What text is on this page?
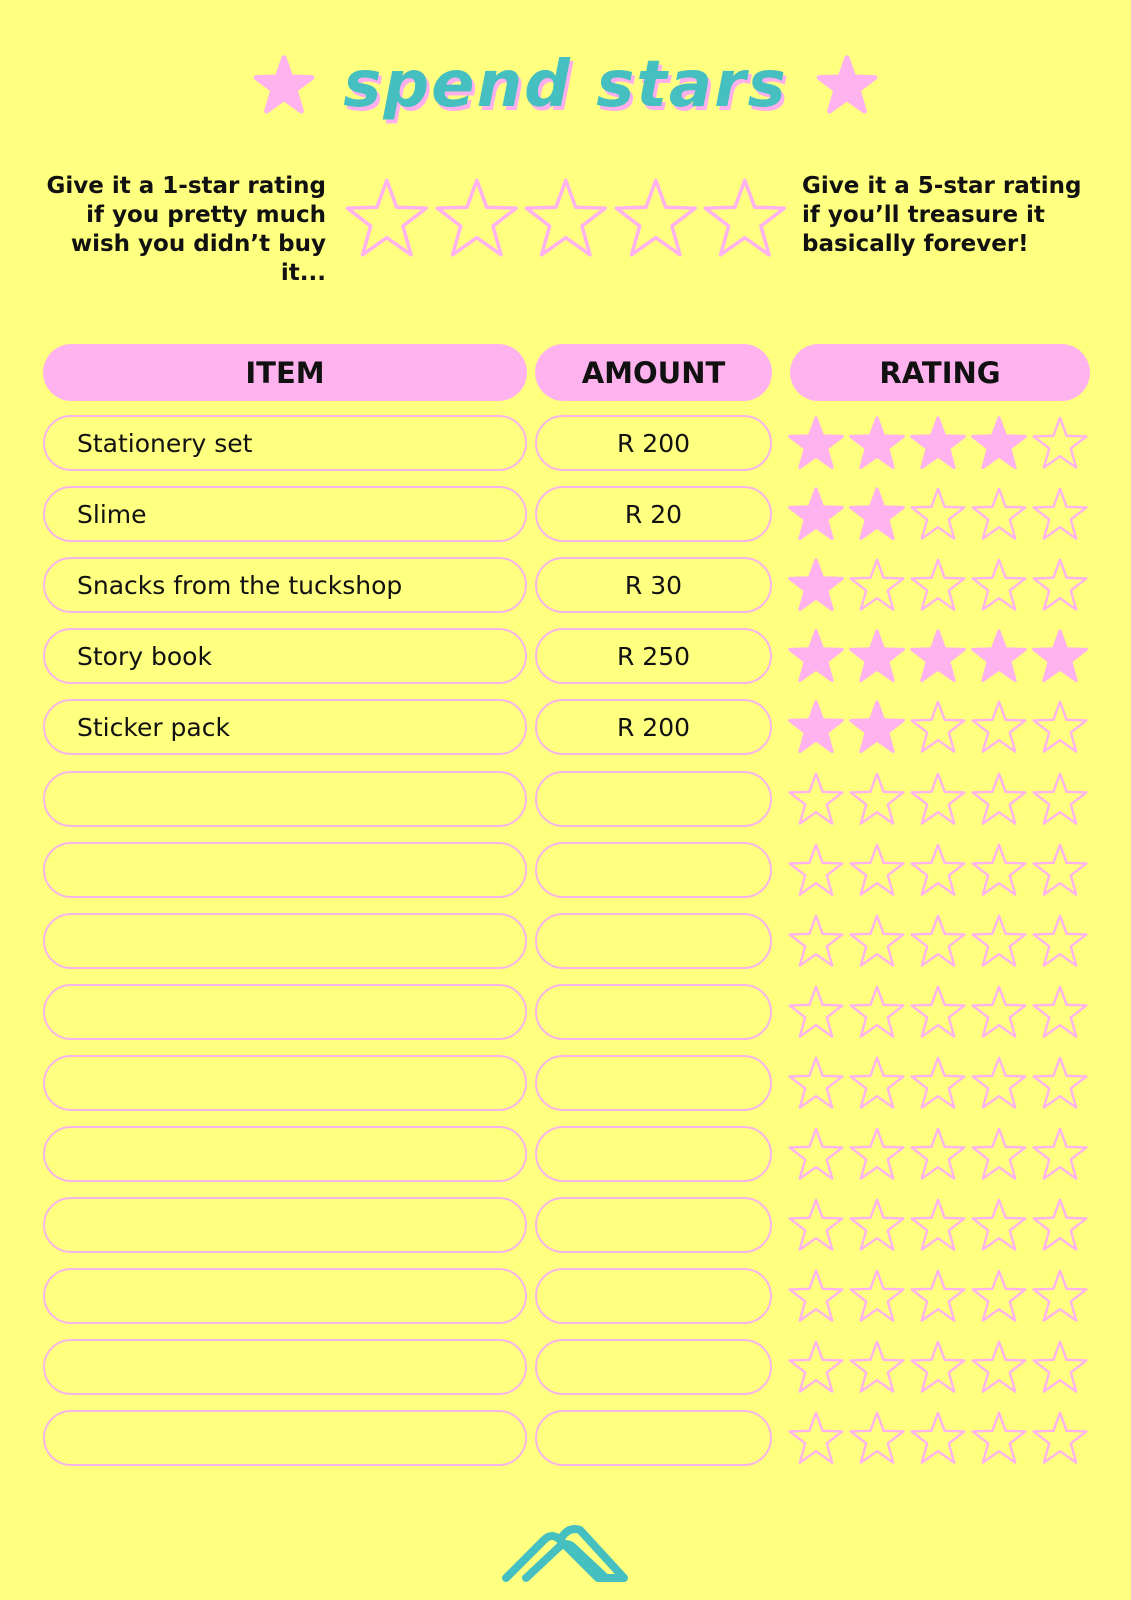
spend stars
Give it a 1-star rating if you pretty much wish you didn’t buy it...
Give it a 5-star rating if you’ll treasure it basically forever!
ITEM	AMOUNT	RATING
Stationery set	R 200
Slime	R 20
Snacks from the tuckshop	R 30
Story book	R 250
Sticker pack	R 200
